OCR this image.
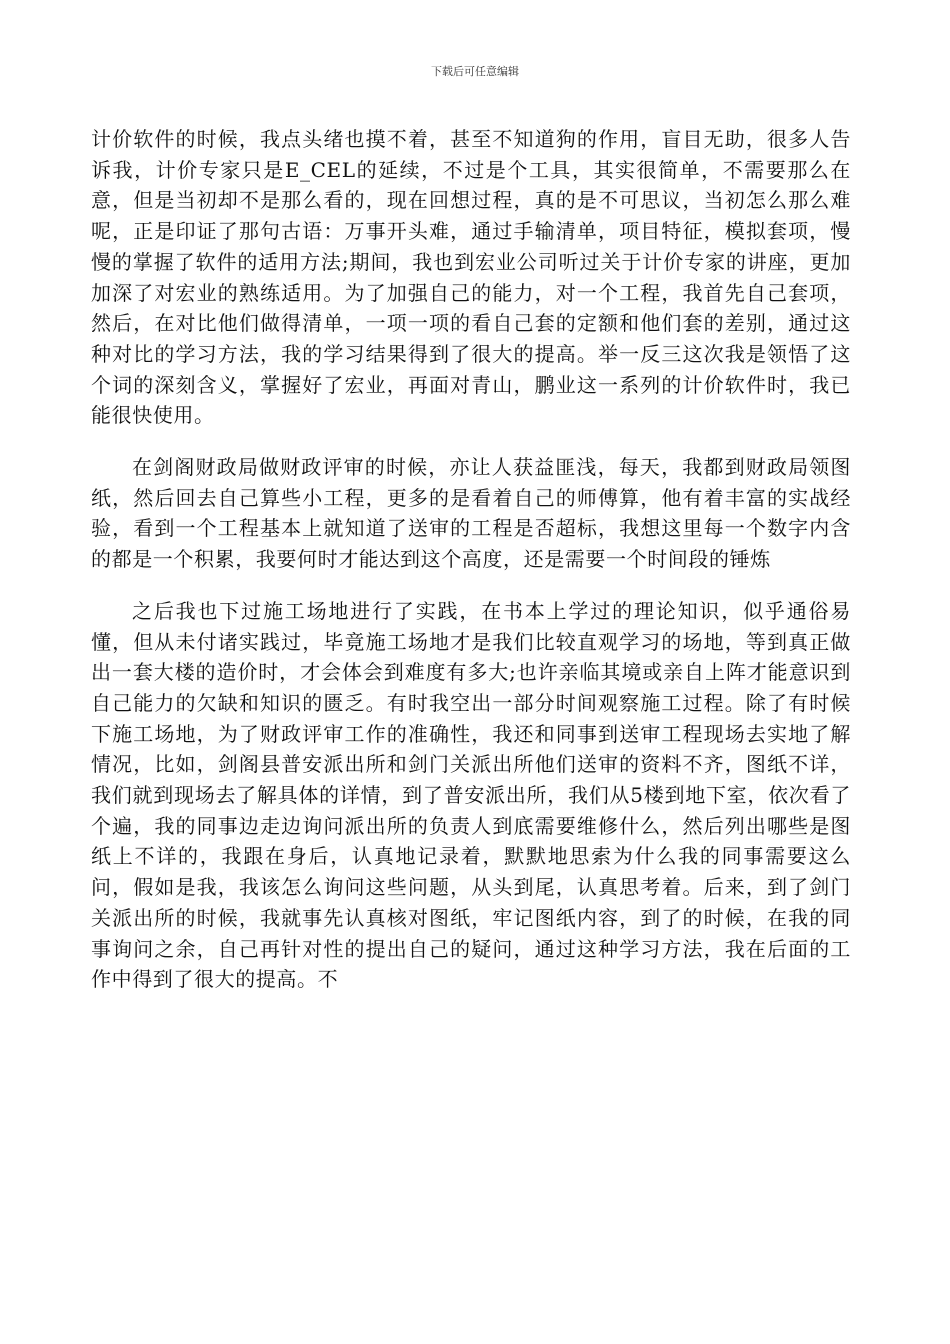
下载后可任意编辑

计价软件的时候，我点头绪也摸不着，甚至不知道狗的作用，盲目无助，很多人告诉我，计价专家只是E_CEL的延续，不过是个工具，其实很简单，不需要那么在意，但是当初却不是那么看的，现在回想过程，真的是不可思议，当初怎么那么难呢，正是印证了那句古语：万事开头难，通过手输清单，项目特征，模拟套项，慢慢的掌握了软件的适用方法;期间，我也到宏业公司听过关于计价专家的讲座，更加加深了对宏业的熟练适用。为了加强自己的能力，对一个工程，我首先自己套项，然后，在对比他们做得清单，一项一项的看自己套的定额和他们套的差别，通过这种对比的学习方法，我的学习结果得到了很大的提高。举一反三这次我是领悟了这个词的深刻含义，掌握好了宏业，再面对青山，鹏业这一系列的计价软件时，我已能很快使用。

在剑阁财政局做财政评审的时候，亦让人获益匪浅，每天，我都到财政局领图纸，然后回去自己算些小工程，更多的是看着自己的师傅算，他有着丰富的实战经验，看到一个工程基本上就知道了送审的工程是否超标，我想这里每一个数字内含的都是一个积累，我要何时才能达到这个高度，还是需要一个时间段的锤炼

之后我也下过施工场地进行了实践，在书本上学过的理论知识，似乎通俗易懂，但从未付诸实践过，毕竟施工场地才是我们比较直观学习的场地，等到真正做出一套大楼的造价时，才会体会到难度有多大;也许亲临其境或亲自上阵才能意识到自己能力的欠缺和知识的匮乏。有时我空出一部分时间观察施工过程。除了有时候下施工场地，为了财政评审工作的准确性，我还和同事到送审工程现场去实地了解情况，比如，剑阁县普安派出所和剑门关派出所他们送审的资料不齐，图纸不详，我们就到现场去了解具体的详情，到了普安派出所，我们从5楼到地下室，依次看了个遍，我的同事边走边询问派出所的负责人到底需要维修什么，然后列出哪些是图纸上不详的，我跟在身后，认真地记录着，默默地思索为什么我的同事需要这么问，假如是我，我该怎么询问这些问题，从头到尾，认真思考着。后来，到了剑门关派出所的时候，我就事先认真核对图纸，牢记图纸内容，到了的时候，在我的同事询问之余，自己再针对性的提出自己的疑问，通过这种学习方法，我在后面的工作中得到了很大的提高。不
